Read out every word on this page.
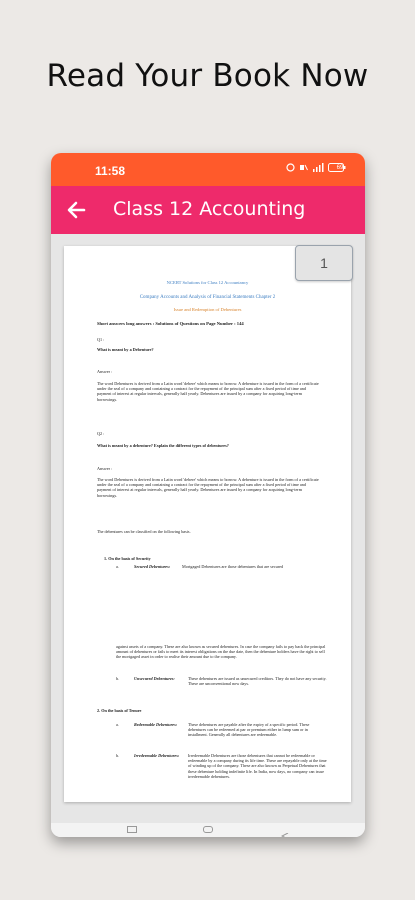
Read Your Book Now
11:58	69
Class 12 Accounting
NCERT Solutions for Class 12 Accountancy
Company Accounts and Analysis of Financial Statements Chapter 2
Issue and Redemption of Debentures
Short answers long answers : Solutions of Questions on Page Number : 144
Q1 :
What is meant by a Debenture?
Answer :
The word Debentures is derived from a Latin word 'debere' which means to borrow. A debenture is issued in the form of a certificate under the seal of a company and containing a contract for the repayment of the principal sum after a fixed period of time and payment of interest at regular intervals, generally half yearly. Debentures are issued by a company for acquiring long-term borrowings.
Q2 :
What is meant by a debenture? Explain the different types of debentures?
Answer :
The word Debentures is derived from a Latin word 'debere' which means to borrow. A debenture is issued in the form of a certificate under the seal of a company and containing a contract for the repayment of the principal sum after a fixed period of time and payment of interest at regular intervals, generally half yearly. Debentures are issued by a company for acquiring long-term borrowings.
The debentures can be classified on the following basis.
1. On the basis of Security
a.	Secured Debentures:	Mortgaged Debentures are those debentures that are secured
against assets of a company. These are also known as secured debentures. In case the company fails to pay back the principal amount of debentures or fails to meet its interest obligations on the due date, then the debenture holders have the right to sell the mortgaged asset in order to realise their amount due to the company.
b.	Unsecured Debentures:	These debentures are issued as unsecured creditors. They do not have any security. These are unconventional now days.
2. On the basis of Tenure
a.	Redeemable Debentures:	These debentures are payable after the expiry of a specific period. These debentures can be redeemed at par or premium either in lump sum or in installment. Generally all debentures are redeemable.
b.	Irredeemable Debentures: Irredeemable Debentures are those debentures that cannot be redeemable or redeemable by a company during its life time. These are repayable only at the time of winding up of the company. These are also known as Perpetual Debentures that these debenture holding indefinite life. In India, now days, no company can issue irredeemable debentures.
1
